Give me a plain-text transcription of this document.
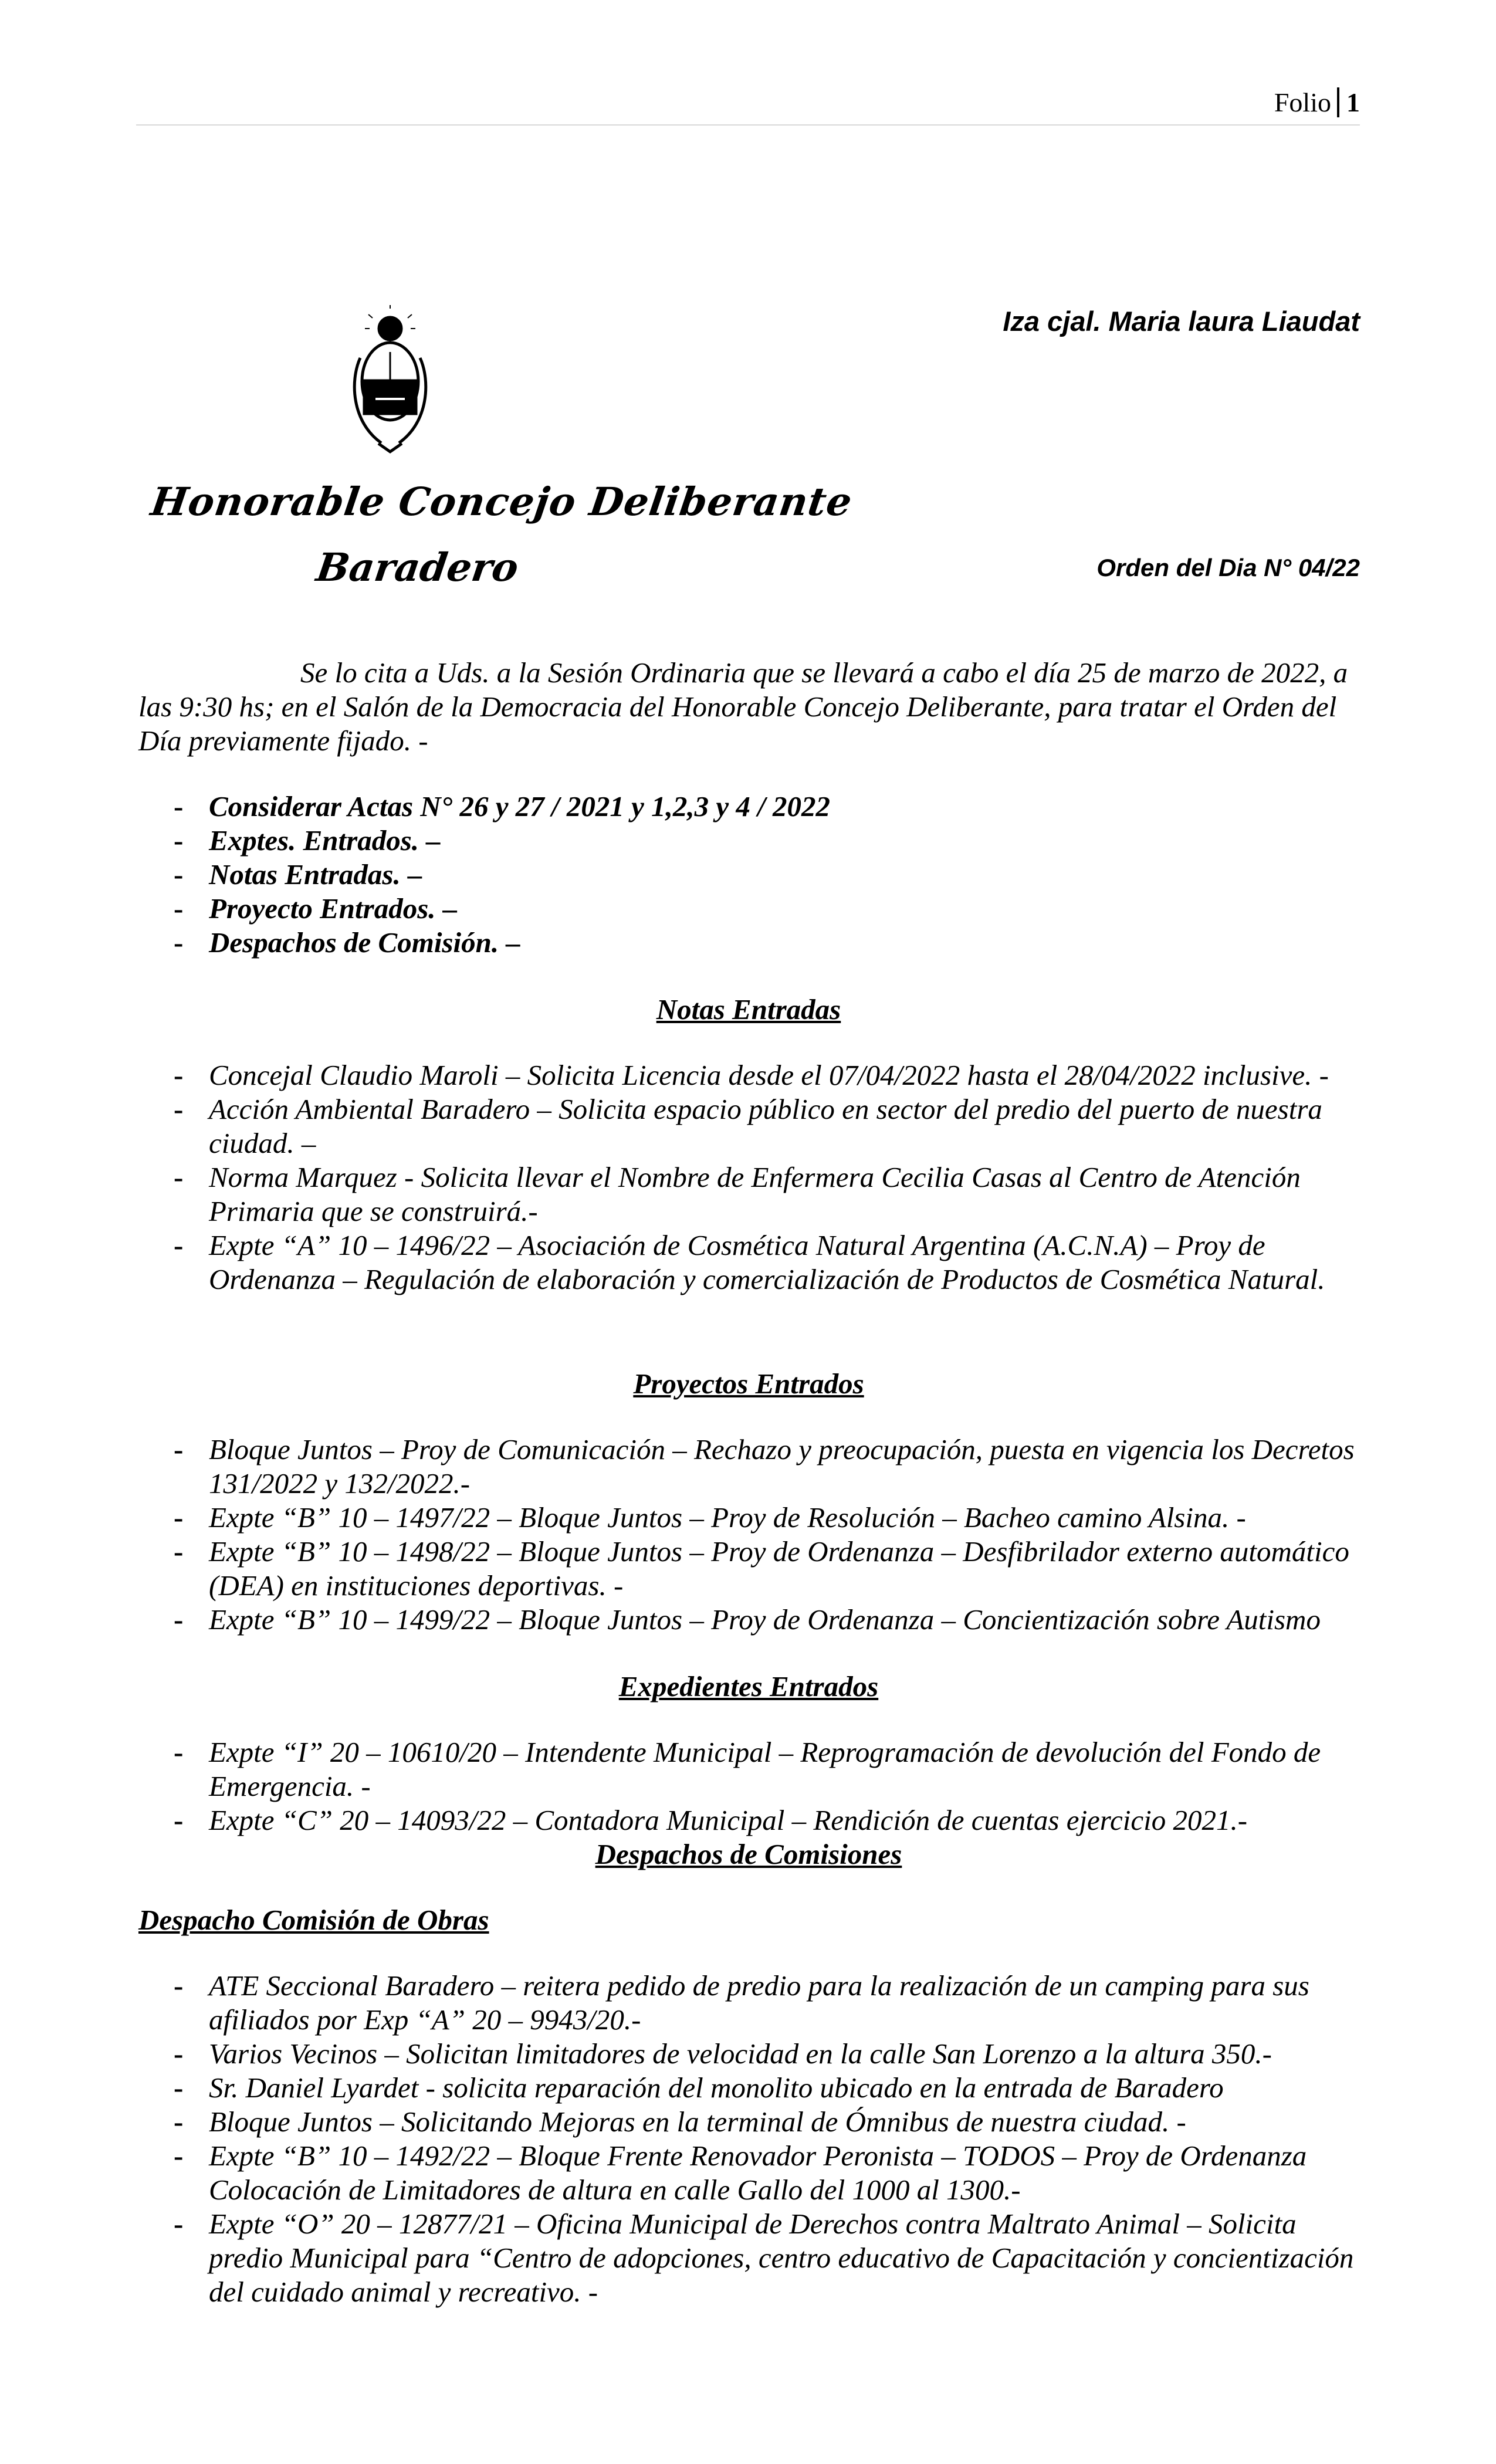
Folio 1
Iza cjal. Maria laura Liaudat
Honorable Concejo Deliberante
Baradero	Orden del Dia N° 04/22

Se lo cita a Uds. a la Sesión Ordinaria que se llevará a cabo el día 25 de marzo de 2022, a las 9:30 hs; en el Salón de la Democracia del Honorable Concejo Deliberante, para tratar el Orden del Día previamente fijado. -

- Considerar Actas N° 26 y 27 / 2021 y 1,2,3 y 4 / 2022
- Exptes. Entrados. –
- Notas Entradas. –
- Proyecto Entrados. –
- Despachos de Comisión. –

Notas Entradas

- Concejal Claudio Maroli – Solicita Licencia desde el 07/04/2022 hasta el 28/04/2022 inclusive. -
- Acción Ambiental Baradero – Solicita espacio público en sector del predio del puerto de nuestra ciudad. –
- Norma Marquez - Solicita llevar el Nombre de Enfermera Cecilia Casas al Centro de Atención Primaria que se construirá.-
- Expte “A” 10 – 1496/22 – Asociación de Cosmética Natural Argentina (A.C.N.A) – Proy de Ordenanza – Regulación de elaboración y comercialización de Productos de Cosmética Natural.

Proyectos Entrados

- Bloque Juntos – Proy de Comunicación – Rechazo y preocupación, puesta en vigencia los Decretos 131/2022 y 132/2022.-
- Expte “B” 10 – 1497/22 – Bloque Juntos – Proy de Resolución – Bacheo camino Alsina. -
- Expte “B” 10 – 1498/22 – Bloque Juntos – Proy de Ordenanza – Desfibrilador externo automático (DEA) en instituciones deportivas. -
- Expte “B” 10 – 1499/22 – Bloque Juntos – Proy de Ordenanza – Concientización sobre Autismo

Expedientes Entrados

- Expte “I” 20 – 10610/20 – Intendente Municipal – Reprogramación de devolución del Fondo de Emergencia. -
- Expte “C” 20 – 14093/22 – Contadora Municipal – Rendición de cuentas ejercicio 2021.-

Despachos de Comisiones

Despacho Comisión de Obras

- ATE Seccional Baradero – reitera pedido de predio para la realización de un camping para sus afiliados por Exp “A” 20 – 9943/20.-
- Varios Vecinos – Solicitan limitadores de velocidad en la calle San Lorenzo a la altura 350.-
- Sr. Daniel Lyardet - solicita reparación del monolito ubicado en la entrada de Baradero
- Bloque Juntos – Solicitando Mejoras en la terminal de Ómnibus de nuestra ciudad. -
- Expte “B” 10 – 1492/22 – Bloque Frente Renovador Peronista – TODOS – Proy de Ordenanza Colocación de Limitadores de altura en calle Gallo del 1000 al 1300.-
- Expte “O” 20 – 12877/21 – Oficina Municipal de Derechos contra Maltrato Animal – Solicita predio Municipal para “Centro de adopciones, centro educativo de Capacitación y concientización del cuidado animal y recreativo. -
